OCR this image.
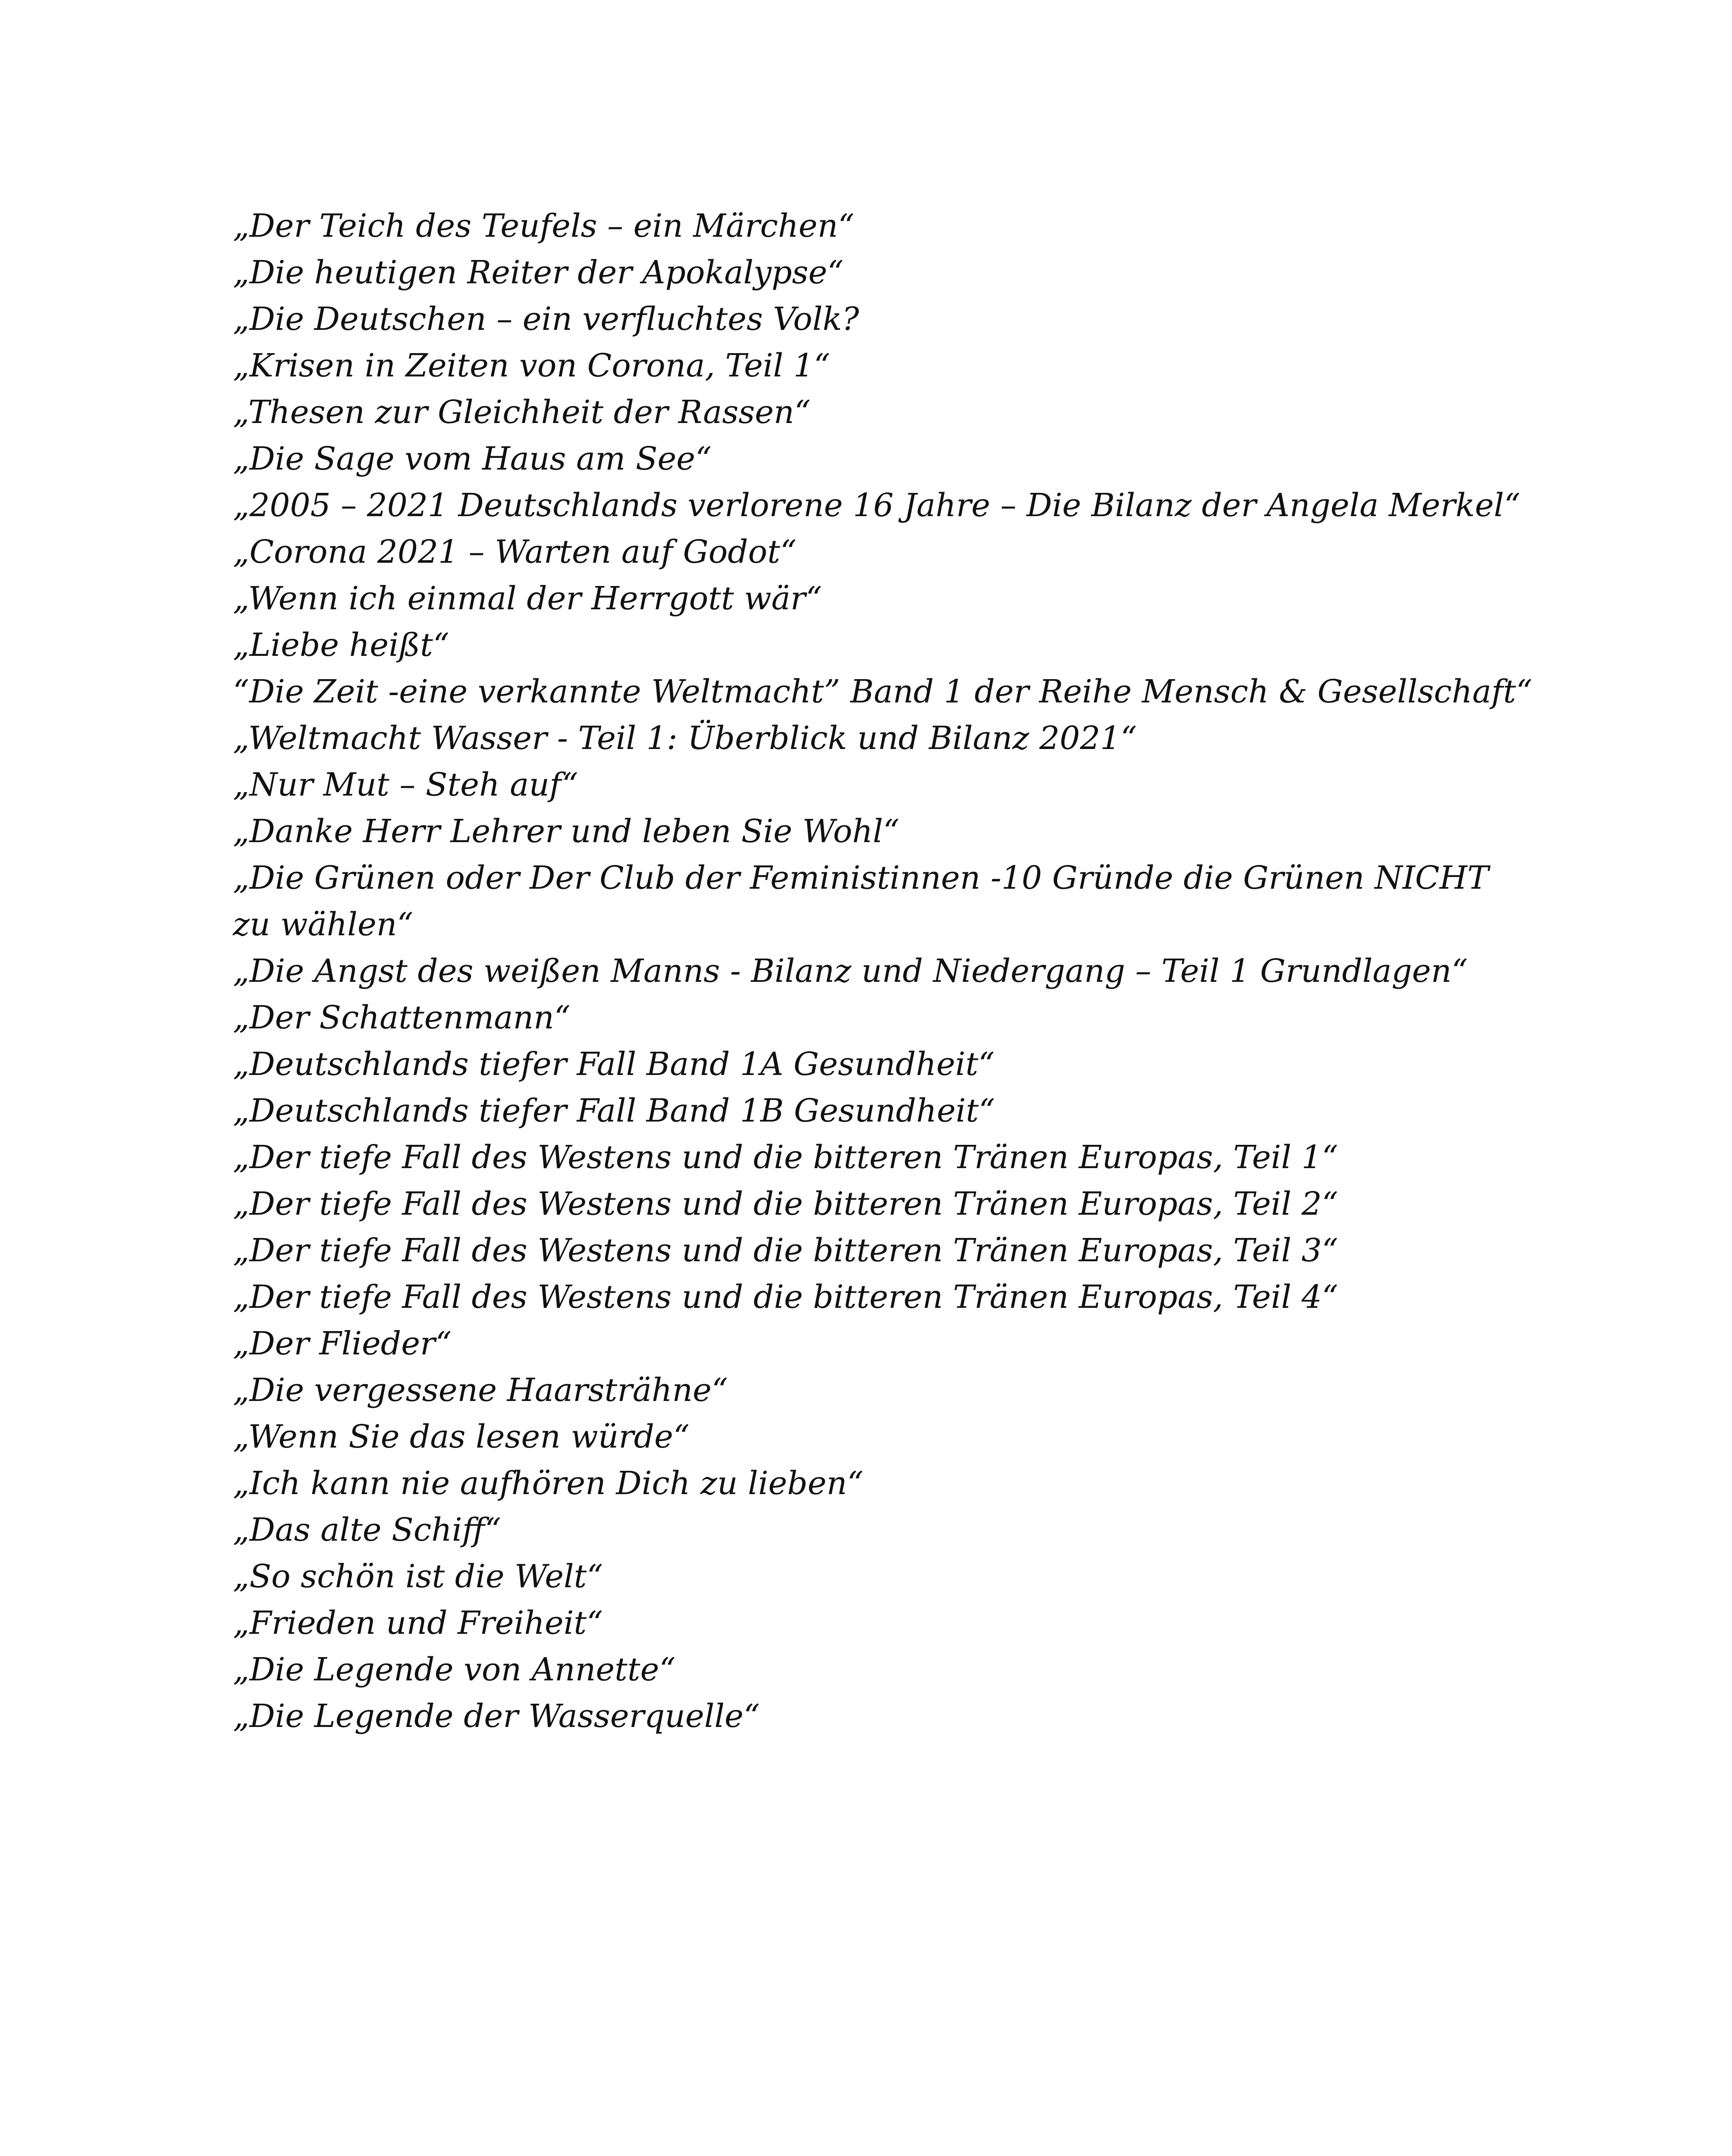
„Der Teich des Teufels – ein Märchen“
„Die heutigen Reiter der Apokalypse“
„Die Deutschen – ein verfluchtes Volk?
„Krisen in Zeiten von Corona, Teil 1“
„Thesen zur Gleichheit der Rassen“
„Die Sage vom Haus am See“
„2005 – 2021 Deutschlands verlorene 16 Jahre – Die Bilanz der Angela Merkel“
„Corona 2021 – Warten auf Godot“
„Wenn ich einmal der Herrgott wär“
„Liebe heißt“
“Die Zeit -eine verkannte Weltmacht” Band 1 der Reihe Mensch & Gesellschaft“
„Weltmacht Wasser - Teil 1: Überblick und Bilanz 2021“
„Nur Mut – Steh auf“
„Danke Herr Lehrer und leben Sie Wohl“
„Die Grünen oder Der Club der Feministinnen -10 Gründe die Grünen NICHT zu wählen“
„Die Angst des weißen Manns - Bilanz und Niedergang – Teil 1 Grundlagen“
„Der Schattenmann“
„Deutschlands tiefer Fall Band 1A Gesundheit“
„Deutschlands tiefer Fall Band 1B Gesundheit“
„Der tiefe Fall des Westens und die bitteren Tränen Europas, Teil 1“
„Der tiefe Fall des Westens und die bitteren Tränen Europas, Teil 2“
„Der tiefe Fall des Westens und die bitteren Tränen Europas, Teil 3“
„Der tiefe Fall des Westens und die bitteren Tränen Europas, Teil 4“
„Der Flieder“
„Die vergessene Haarsträhne“
„Wenn Sie das lesen würde“
„Ich kann nie aufhören Dich zu lieben“
„Das alte Schiff“
„So schön ist die Welt“
„Frieden und Freiheit“
„Die Legende von Annette“
„Die Legende der Wasserquelle“
